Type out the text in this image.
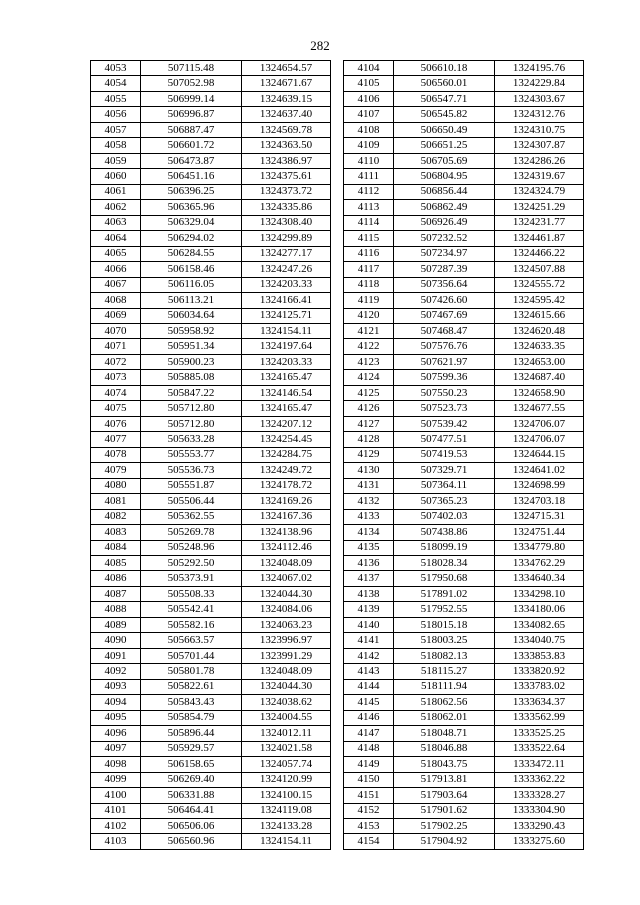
282
4053	507115.48	1324654.57
4054	507052.98	1324671.67
4055	506999.14	1324639.15
4056	506996.87	1324637.40
4057	506887.47	1324569.78
4058	506601.72	1324363.50
4059	506473.87	1324386.97
4060	506451.16	1324375.61
4061	506396.25	1324373.72
4062	506365.96	1324335.86
4063	506329.04	1324308.40
4064	506294.02	1324299.89
4065	506284.55	1324277.17
4066	506158.46	1324247.26
4067	506116.05	1324203.33
4068	506113.21	1324166.41
4069	506034.64	1324125.71
4070	505958.92	1324154.11
4071	505951.34	1324197.64
4072	505900.23	1324203.33
4073	505885.08	1324165.47
4074	505847.22	1324146.54
4075	505712.80	1324165.47
4076	505712.80	1324207.12
4077	505633.28	1324254.45
4078	505553.77	1324284.75
4079	505536.73	1324249.72
4080	505551.87	1324178.72
4081	505506.44	1324169.26
4082	505362.55	1324167.36
4083	505269.78	1324138.96
4084	505248.96	1324112.46
4085	505292.50	1324048.09
4086	505373.91	1324067.02
4087	505508.33	1324044.30
4088	505542.41	1324084.06
4089	505582.16	1324063.23
4090	505663.57	1323996.97
4091	505701.44	1323991.29
4092	505801.78	1324048.09
4093	505822.61	1324044.30
4094	505843.43	1324038.62
4095	505854.79	1324004.55
4096	505896.44	1324012.11
4097	505929.57	1324021.58
4098	506158.65	1324057.74
4099	506269.40	1324120.99
4100	506331.88	1324100.15
4101	506464.41	1324119.08
4102	506506.06	1324133.28
4103	506560.96	1324154.11
4104	506610.18	1324195.76
4105	506560.01	1324229.84
4106	506547.71	1324303.67
4107	506545.82	1324312.76
4108	506650.49	1324310.75
4109	506651.25	1324307.87
4110	506705.69	1324286.26
4111	506804.95	1324319.67
4112	506856.44	1324324.79
4113	506862.49	1324251.29
4114	506926.49	1324231.77
4115	507232.52	1324461.87
4116	507234.97	1324466.22
4117	507287.39	1324507.88
4118	507356.64	1324555.72
4119	507426.60	1324595.42
4120	507467.69	1324615.66
4121	507468.47	1324620.48
4122	507576.76	1324633.35
4123	507621.97	1324653.00
4124	507599.36	1324687.40
4125	507550.23	1324658.90
4126	507523.73	1324677.55
4127	507539.42	1324706.07
4128	507477.51	1324706.07
4129	507419.53	1324644.15
4130	507329.71	1324641.02
4131	507364.11	1324698.99
4132	507365.23	1324703.18
4133	507402.03	1324715.31
4134	507438.86	1324751.44
4135	518099.19	1334779.80
4136	518028.34	1334762.29
4137	517950.68	1334640.34
4138	517891.02	1334298.10
4139	517952.55	1334180.06
4140	518015.18	1334082.65
4141	518003.25	1334040.75
4142	518082.13	1333853.83
4143	518115.27	1333820.92
4144	518111.94	1333783.02
4145	518062.56	1333634.37
4146	518062.01	1333562.99
4147	518048.71	1333525.25
4148	518046.88	1333522.64
4149	518043.75	1333472.11
4150	517913.81	1333362.22
4151	517903.64	1333328.27
4152	517901.62	1333304.90
4153	517902.25	1333290.43
4154	517904.92	1333275.60
